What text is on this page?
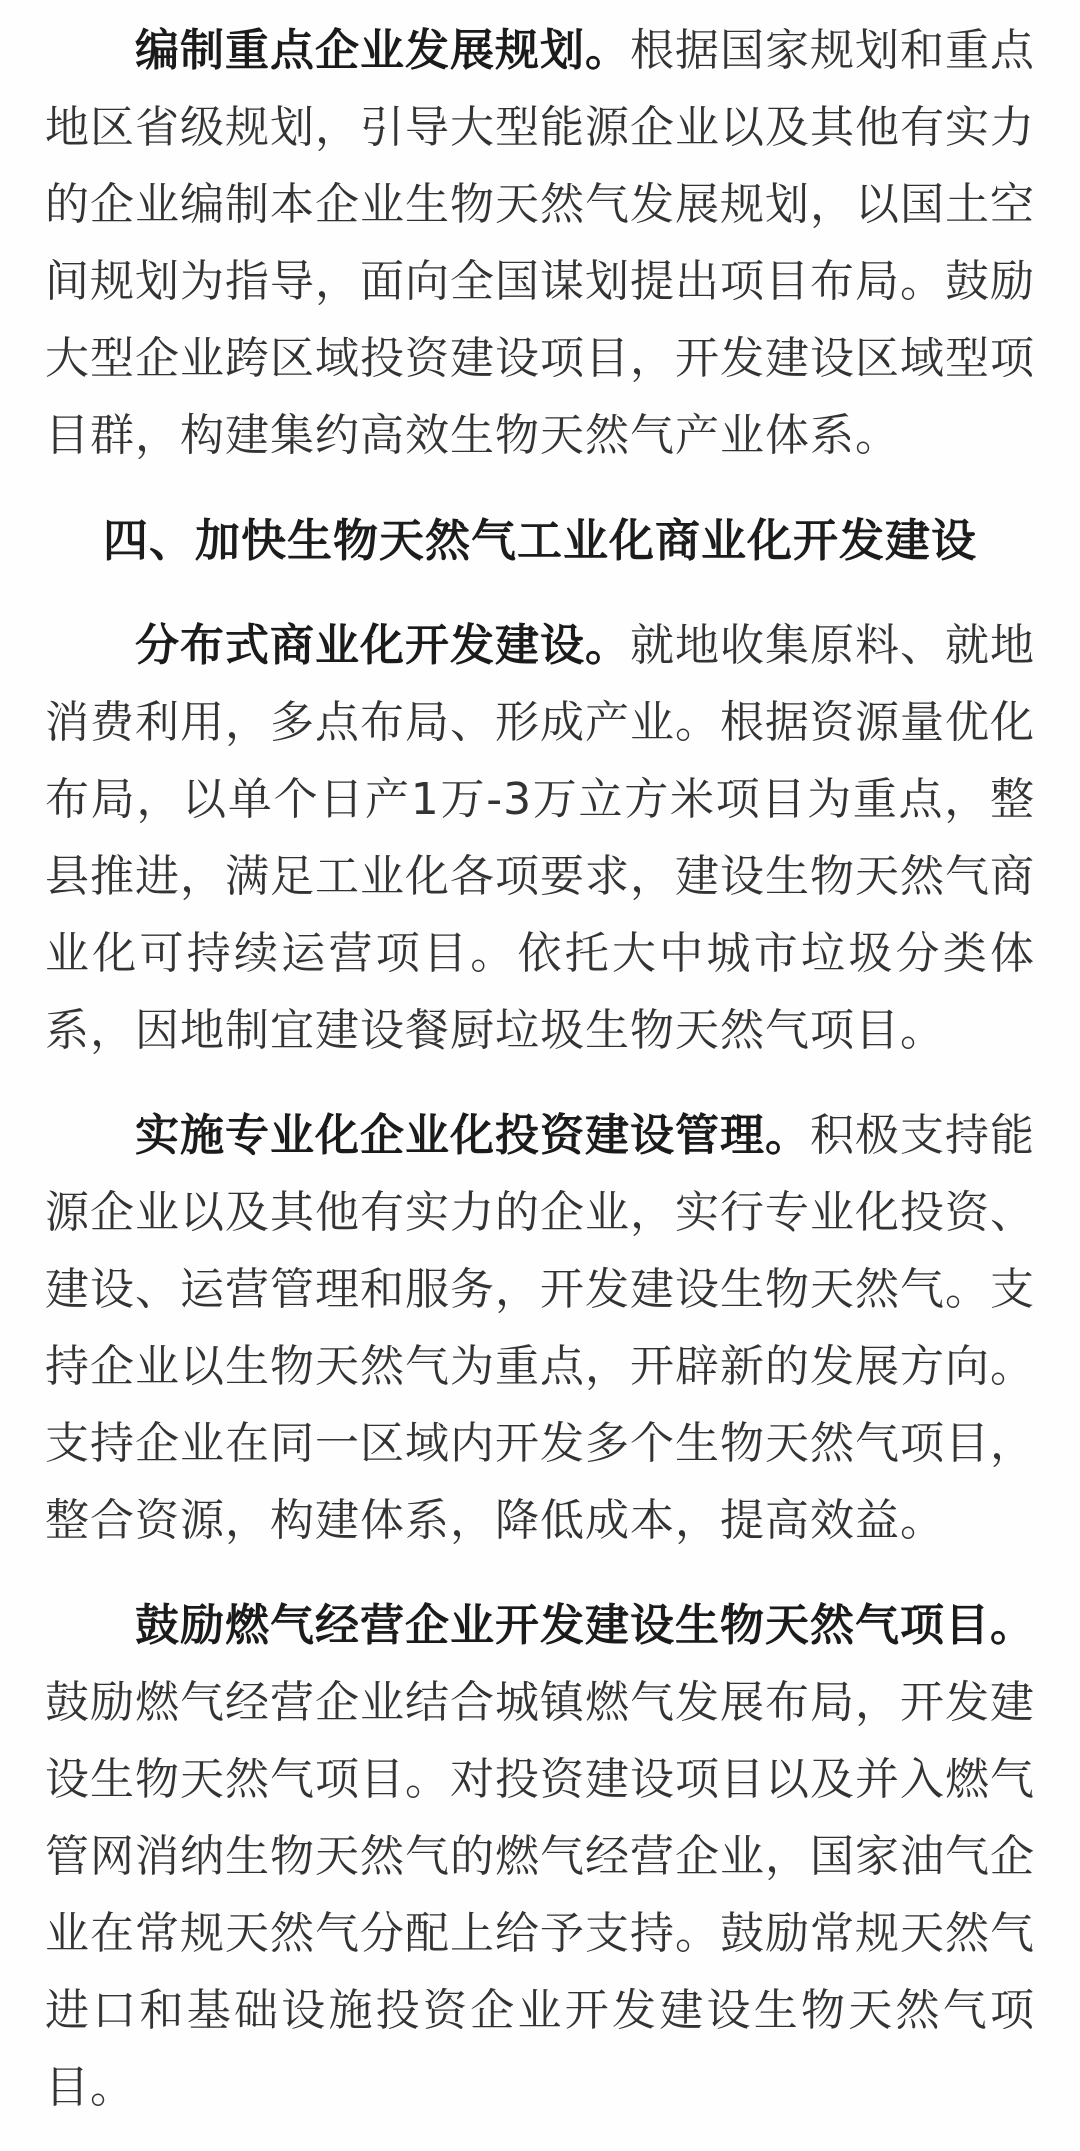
编制重点企业发展规划。根据国家规划和重点
地区省级规划，引导大型能源企业以及其他有实力
的企业编制本企业生物天然气发展规划，以国土空
间规划为指导，面向全国谋划提出项目布局。鼓励
大型企业跨区域投资建设项目，开发建设区域型项
目群，构建集约高效生物天然气产业体系。
四、加快生物天然气工业化商业化开发建设
分布式商业化开发建设。就地收集原料、就地
消费利用，多点布局、形成产业。根据资源量优化
布局，以单个日产1万-3万立方米项目为重点，整
县推进，满足工业化各项要求，建设生物天然气商
业化可持续运营项目。依托大中城市垃圾分类体
系，因地制宜建设餐厨垃圾生物天然气项目。
实施专业化企业化投资建设管理。积极支持能
源企业以及其他有实力的企业，实行专业化投资、
建设、运营管理和服务，开发建设生物天然气。支
持企业以生物天然气为重点，开辟新的发展方向。
支持企业在同一区域内开发多个生物天然气项目，
整合资源，构建体系，降低成本，提高效益。
鼓励燃气经营企业开发建设生物天然气项目。
鼓励燃气经营企业结合城镇燃气发展布局，开发建
设生物天然气项目。对投资建设项目以及并入燃气
管网消纳生物天然气的燃气经营企业，国家油气企
业在常规天然气分配上给予支持。鼓励常规天然气
进口和基础设施投资企业开发建设生物天然气项
目。
